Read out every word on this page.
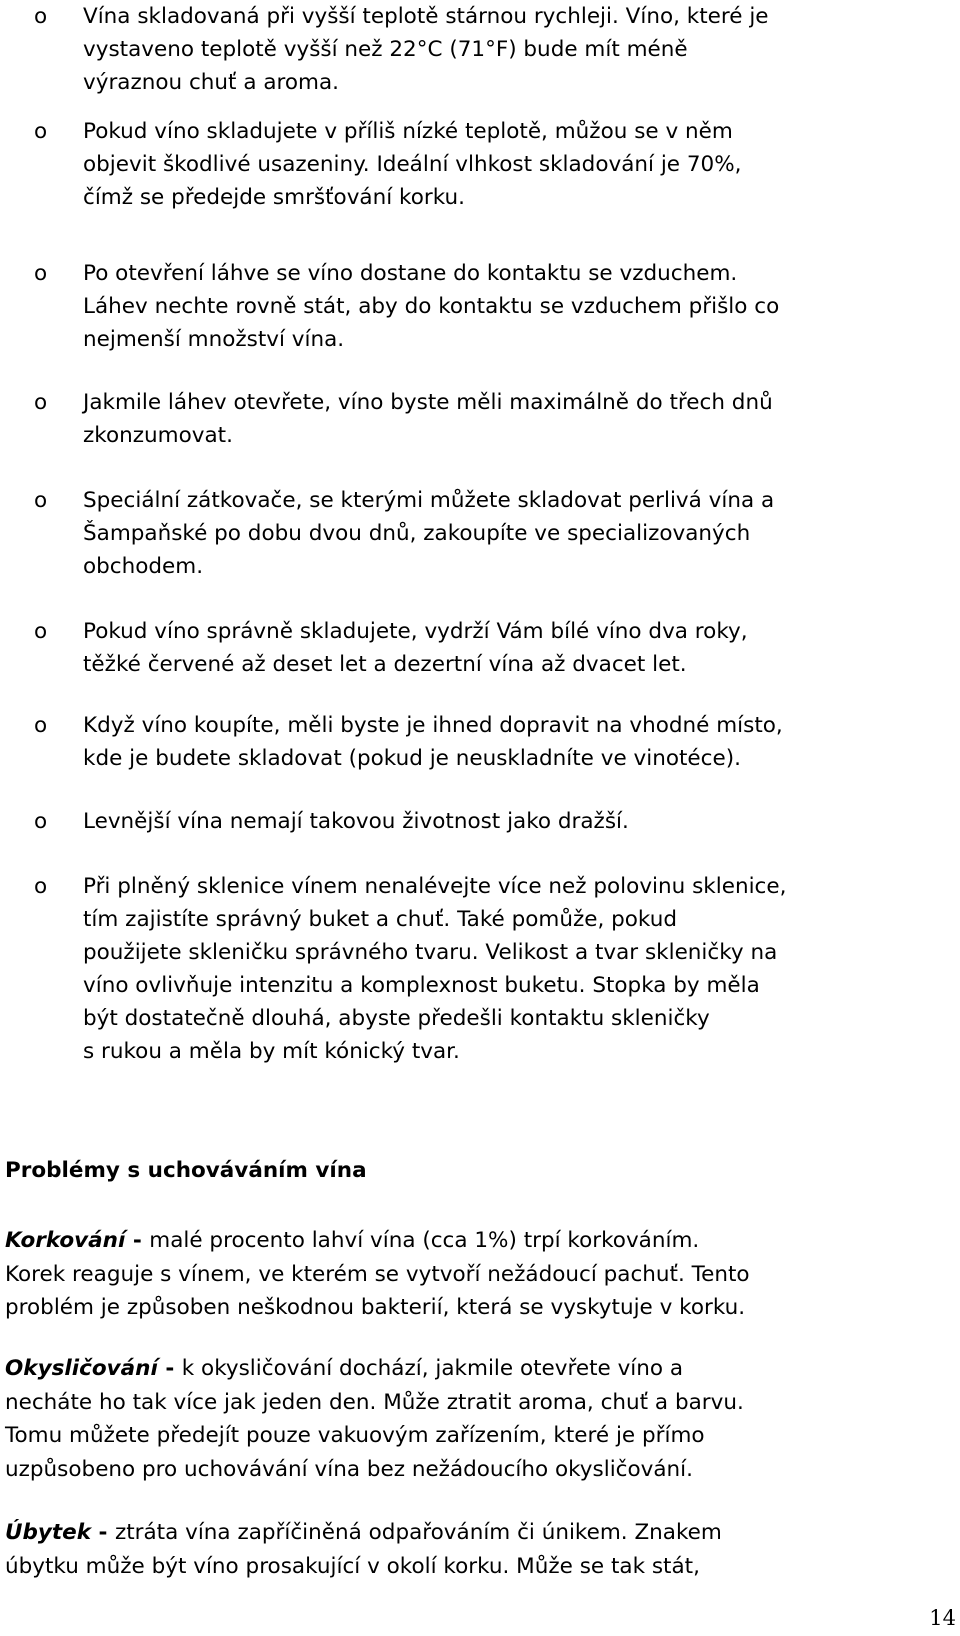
o Vína skladovaná při vyšší teplotě stárnou rychleji. Víno, které je
vystaveno teplotě vyšší než 22°C (71°F) bude mít méně
výraznou chuť a aroma.
o Pokud víno skladujete v příliš nízké teplotě, můžou se v něm
objevit škodlivé usazeniny. Ideální vlhkost skladování je 70%,
čímž se předejde smršťování korku.
o Po otevření láhve se víno dostane do kontaktu se vzduchem.
Láhev nechte rovně stát, aby do kontaktu se vzduchem přišlo co
nejmenší množství vína.
o Jakmile láhev otevřete, víno byste měli maximálně do třech dnů
zkonzumovat.
o Speciální zátkovače, se kterými můžete skladovat perlivá vína a
Šampaňské po dobu dvou dnů, zakoupíte ve specializovaných
obchodem.
o Pokud víno správně skladujete, vydrží Vám bílé víno dva roky,
těžké červené až deset let a dezertní vína až dvacet let.
o Když víno koupíte, měli byste je ihned dopravit na vhodné místo,
kde je budete skladovat (pokud je neuskladníte ve vinotéce).
o Levnější vína nemají takovou životnost jako dražší.
o Při plněný sklenice vínem nenalévejte více než polovinu sklenice,
tím zajistíte správný buket a chuť. Také pomůže, pokud
použijete skleničku správného tvaru. Velikost a tvar skleničky na
víno ovlivňuje intenzitu a komplexnost buketu. Stopka by měla
být dostatečně dlouhá, abyste předešli kontaktu skleničky
s rukou a měla by mít kónický tvar.
Problémy s uchováváním vína

Korkování - malé procento lahví vína (cca 1%) trpí korkováním.
Korek reaguje s vínem, ve kterém se vytvoří nežádoucí pachuť. Tento
problém je způsoben neškodnou bakterií, která se vyskytuje v korku.

Okysličování - k okysličování dochází, jakmile otevřete víno a
necháte ho tak více jak jeden den. Může ztratit aroma, chuť a barvu.
Tomu můžete předejít pouze vakuovým zařízením, které je přímo
uzpůsobeno pro uchovávání vína bez nežádoucího okysličování.

Úbytek - ztráta vína zapříčiněná odpařováním či únikem. Znakem
úbytku může být víno prosakující v okolí korku. Může se tak stát,

14
